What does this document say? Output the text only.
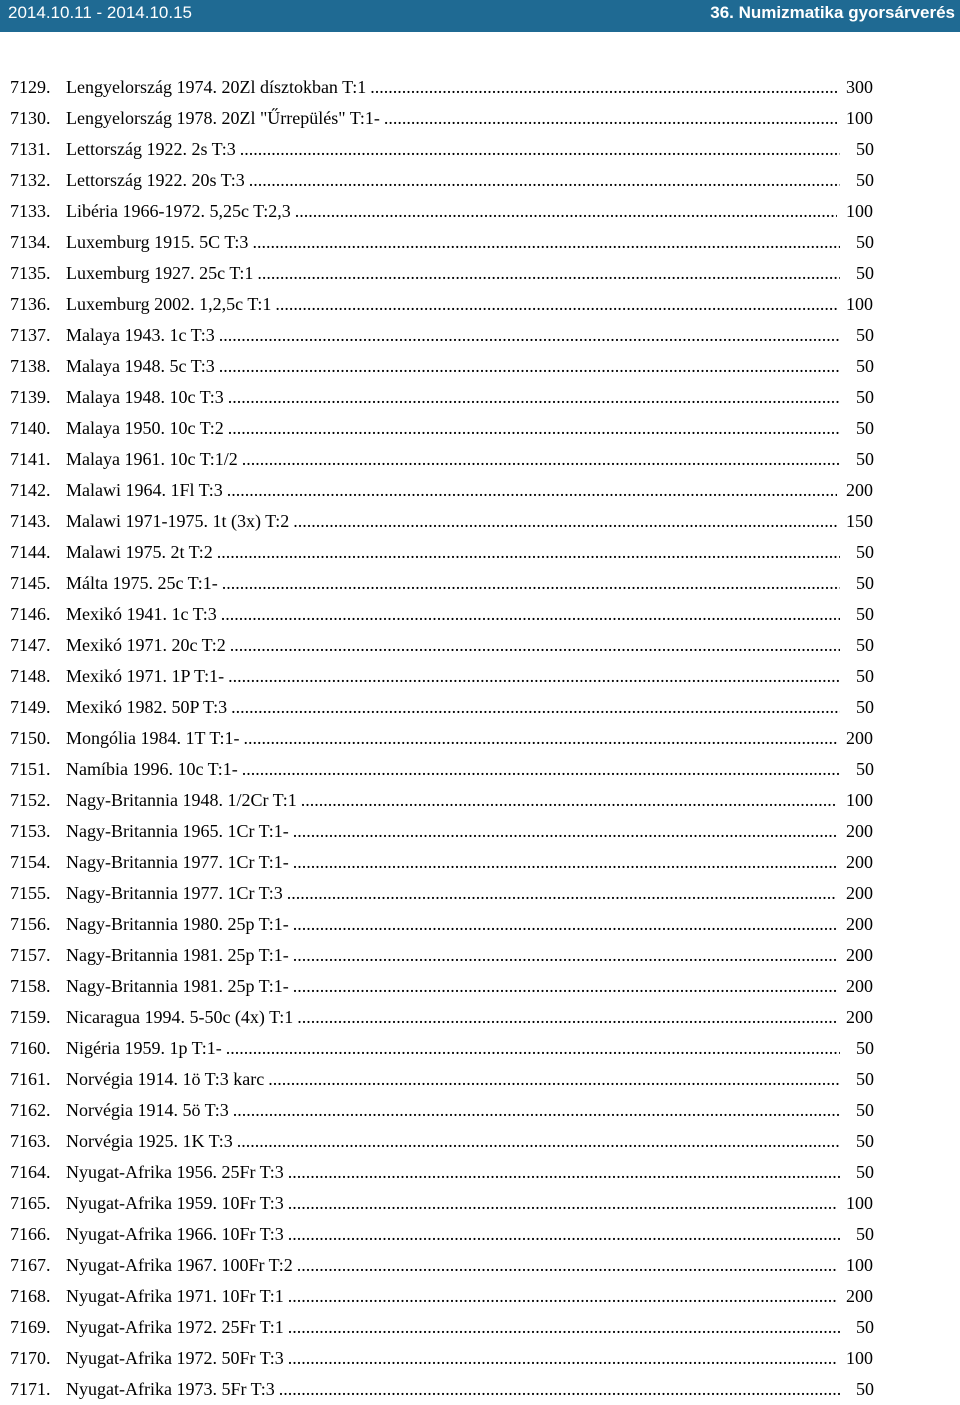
2014.10.11 - 2014.10.15	36. Numizmatika gyorsárverés
7129. Lengyelország 1974. 20Zl dísztokban T:1 .....	300
7130. Lengyelország 1978. 20Zl "Űrrepülés" T:1- .....	100
7131. Lettország 1922. 2s T:3 .....	50
7132. Lettország 1922. 20s T:3 .....	50
7133. Libéria 1966-1972. 5,25c T:2,3 .....	100
7134. Luxemburg 1915. 5C T:3 .....	50
7135. Luxemburg 1927. 25c T:1 .....	50
7136. Luxemburg 2002. 1,2,5c T:1 .....	100
7137. Malaya 1943. 1c T:3 .....	50
7138. Malaya 1948. 5c T:3 .....	50
7139. Malaya 1948. 10c T:3 .....	50
7140. Malaya 1950. 10c T:2 .....	50
7141. Malaya 1961. 10c T:1/2 .....	50
7142. Malawi 1964. 1Fl T:3 .....	200
7143. Malawi 1971-1975. 1t (3x) T:2 .....	150
7144. Malawi 1975. 2t T:2 .....	50
7145. Málta 1975. 25c T:1- .....	50
7146. Mexikó 1941. 1c T:3 .....	50
7147. Mexikó 1971. 20c T:2 .....	50
7148. Mexikó 1971. 1P T:1- .....	50
7149. Mexikó 1982. 50P T:3 .....	50
7150. Mongólia 1984. 1T T:1- .....	200
7151. Namíbia 1996. 10c T:1- .....	50
7152. Nagy-Britannia 1948. 1/2Cr T:1 .....	100
7153. Nagy-Britannia 1965. 1Cr T:1- .....	200
7154. Nagy-Britannia 1977. 1Cr T:1- .....	200
7155. Nagy-Britannia 1977. 1Cr T:3 .....	200
7156. Nagy-Britannia 1980. 25p T:1- .....	200
7157. Nagy-Britannia 1981. 25p T:1- .....	200
7158. Nagy-Britannia 1981. 25p T:1- .....	200
7159. Nicaragua 1994. 5-50c (4x) T:1 .....	200
7160. Nigéria 1959. 1p T:1- .....	50
7161. Norvégia 1914. 1ö T:3 karc .....	50
7162. Norvégia 1914. 5ö T:3 .....	50
7163. Norvégia 1925. 1K T:3 .....	50
7164. Nyugat-Afrika 1956. 25Fr T:3 .....	50
7165. Nyugat-Afrika 1959. 10Fr T:3 .....	100
7166. Nyugat-Afrika 1966. 10Fr T:3 .....	50
7167. Nyugat-Afrika 1967. 100Fr T:2 .....	100
7168. Nyugat-Afrika 1971. 10Fr T:1 .....	200
7169. Nyugat-Afrika 1972. 25Fr T:1 .....	50
7170. Nyugat-Afrika 1972. 50Fr T:3 .....	100
7171. Nyugat-Afrika 1973. 5Fr T:3 .....	50
